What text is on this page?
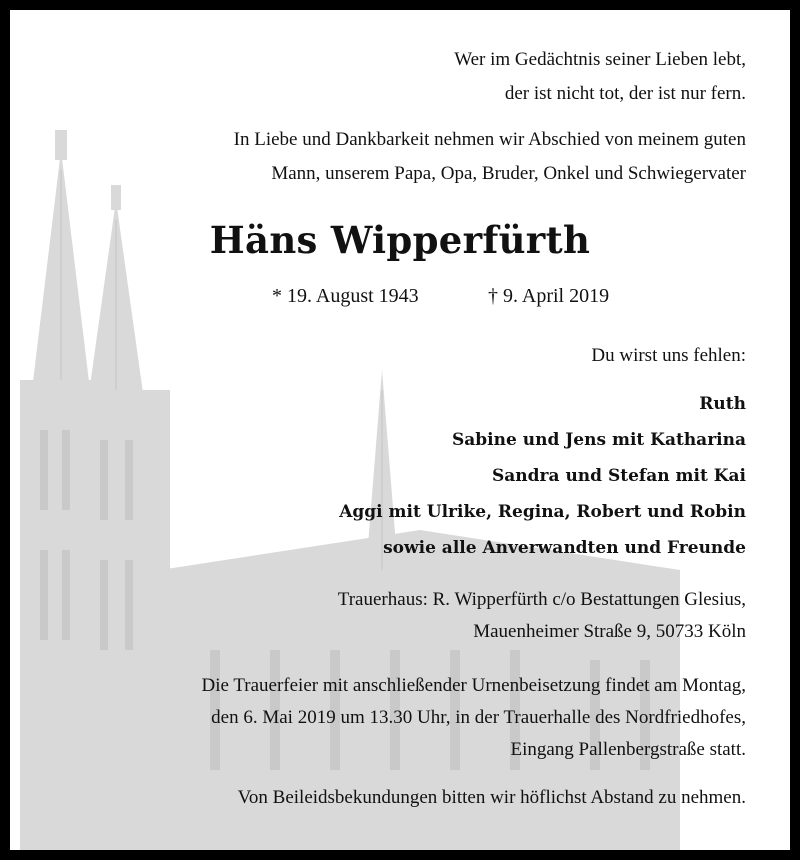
Wer im Gedächtnis seiner Lieben lebt,
der ist nicht tot, der ist nur fern.
In Liebe und Dankbarkeit nehmen wir Abschied von meinem guten
Mann, unserem Papa, Opa, Bruder, Onkel und Schwiegervater
Häns Wipperfürth
* 19. August 1943	† 9. April 2019
Du wirst uns fehlen:
Ruth
Sabine und Jens mit Katharina
Sandra und Stefan mit Kai
Aggi mit Ulrike, Regina, Robert und Robin
sowie alle Anverwandten und Freunde
Trauerhaus: R. Wipperfürth c/o Bestattungen Glesius,
Mauenheimer Straße 9, 50733 Köln
Die Trauerfeier mit anschließender Urnenbeisetzung findet am Montag,
den 6. Mai 2019 um 13.30 Uhr, in der Trauerhalle des Nordfriedhofes,
Eingang Pallenbergstraße statt.
Von Beileidsbekundungen bitten wir höflichst Abstand zu nehmen.
